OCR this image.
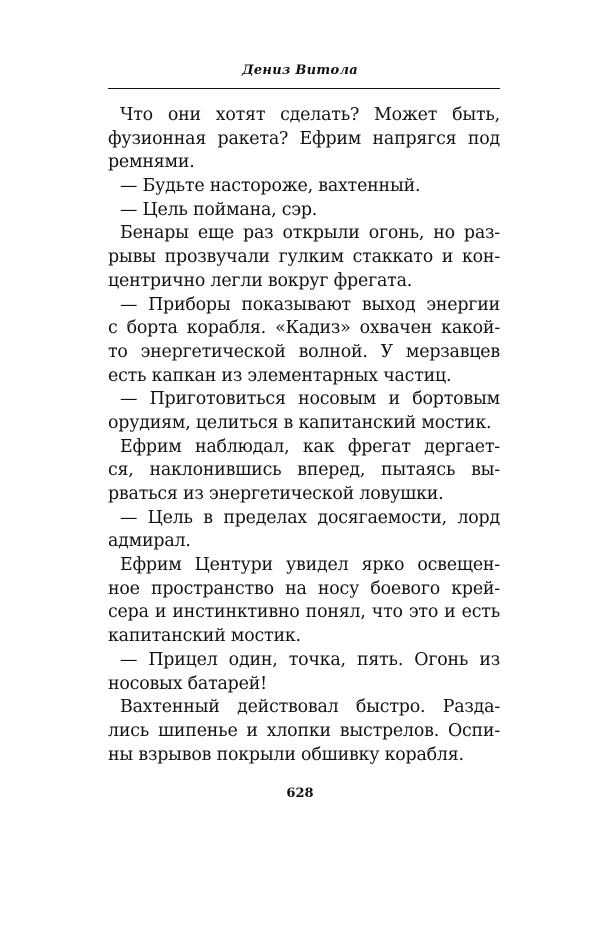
Дениз Витола
Что они хотят сделать? Может быть,
фузионная ракета? Ефрим напрягся под
ремнями.
— Будьте настороже, вахтенный.
— Цель поймана, сэр.
Бенары еще раз открыли огонь, но раз-
рывы прозвучали гулким стаккато и кон-
центрично легли вокруг фрегата.
— Приборы показывают выход энергии
с борта корабля. «Кадиз» охвачен какой-
то энергетической волной. У мерзавцев
есть капкан из элементарных частиц.
— Приготовиться носовым и бортовым
орудиям, целиться в капитанский мостик.
Ефрим наблюдал, как фрегат дергает-
ся, наклонившись вперед, пытаясь вы-
рваться из энергетической ловушки.
— Цель в пределах досягаемости, лорд
адмирал.
Ефрим Центури увидел ярко освещен-
ное пространство на носу боевого крей-
сера и инстинктивно понял, что это и есть
капитанский мостик.
— Прицел один, точка, пять. Огонь из
носовых батарей!
Вахтенный действовал быстро. Разда-
лись шипенье и хлопки выстрелов. Оспи-
ны взрывов покрыли обшивку корабля.
628
